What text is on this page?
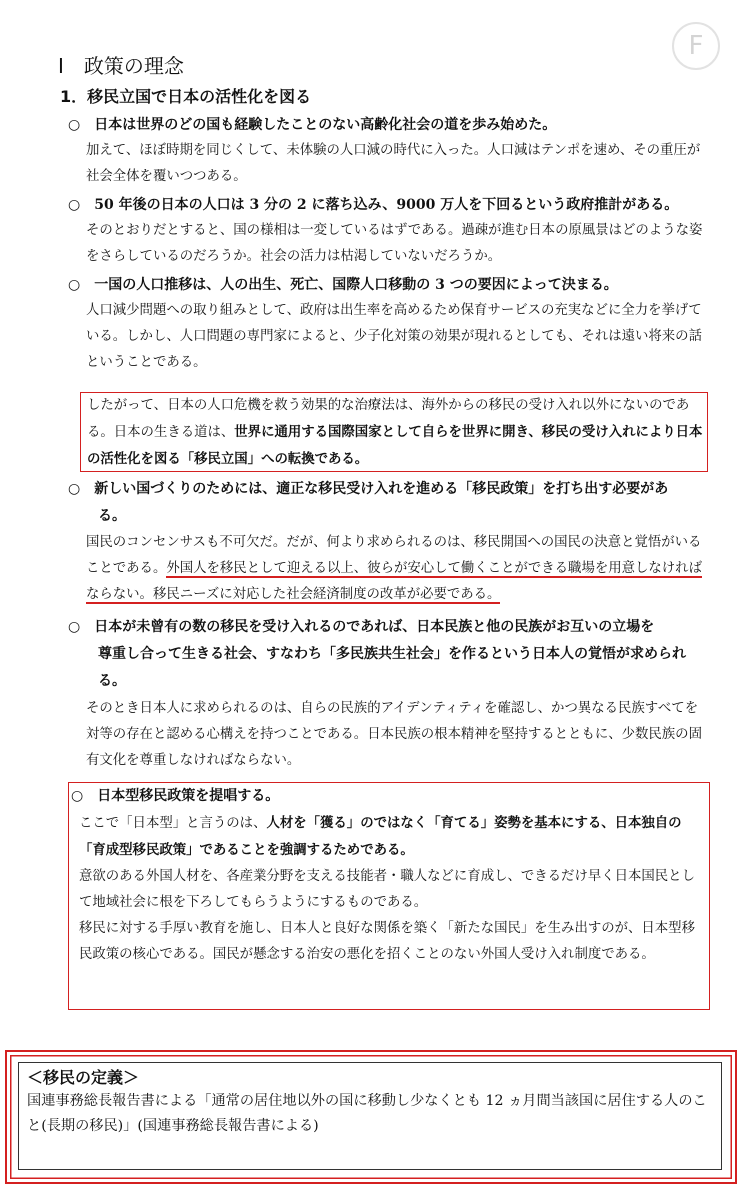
F
Ⅰ　政策の理念
1．移民立国で日本の活性化を図る
○　日本は世界のどの国も経験したことのない高齢化社会の道を歩み始めた。
加えて、ほぼ時期を同じくして、未体験の人口減の時代に入った。人口減はテンポを速め、その重圧が社会全体を覆いつつある。
○　50 年後の日本の人口は 3 分の 2 に落ち込み、9000 万人を下回るという政府推計がある。
そのとおりだとすると、国の様相は一変しているはずである。過疎が進む日本の原風景はどのような姿をさらしているのだろうか。社会の活力は枯渇していないだろうか。
○　一国の人口推移は、人の出生、死亡、国際人口移動の 3 つの要因によって決まる。
人口減少問題への取り組みとして、政府は出生率を高めるため保育サービスの充実などに全力を挙げている。しかし、人口問題の専門家によると、少子化対策の効果が現れるとしても、それは遠い将来の話ということである。
したがって、日本の人口危機を救う効果的な治療法は、海外からの移民の受け入れ以外にないのである。日本の生きる道は、世界に通用する国際国家として自らを世界に開き、移民の受け入れにより日本の活性化を図る「移民立国」への転換である。
○　新しい国づくりのためには、適正な移民受け入れを進める「移民政策」を打ち出す必要があ
る。
国民のコンセンサスも不可欠だ。だが、何より求められるのは、移民開国への国民の決意と覚悟がいることである。外国人を移民として迎える以上、彼らが安心して働くことができる職場を用意しなければならない。移民ニーズに対応した社会経済制度の改革が必要である。
○　日本が未曾有の数の移民を受け入れるのであれば、日本民族と他の民族がお互いの立場を
尊重し合って生きる社会、すなわち「多民族共生社会」を作るという日本人の覚悟が求められ
る。
そのとき日本人に求められるのは、自らの民族的アイデンティティを確認し、かつ異なる民族すべてを対等の存在と認める心構えを持つことである。日本民族の根本精神を堅持するとともに、少数民族の固有文化を尊重しなければならない。
○　日本型移民政策を提唱する。
ここで「日本型」と言うのは、人材を「獲る」のではなく「育てる」姿勢を基本にする、日本独自の「育成型移民政策」であることを強調するためである。
意欲のある外国人材を、各産業分野を支える技能者・職人などに育成し、できるだけ早く日本国民として地域社会に根を下ろしてもらうようにするものである。
移民に対する手厚い教育を施し、日本人と良好な関係を築く「新たな国民」を生み出すのが、日本型移民政策の核心である。国民が懸念する治安の悪化を招くことのない外国人受け入れ制度である。
＜移民の定義＞
国連事務総長報告書による「通常の居住地以外の国に移動し少なくとも 12 ヵ月間当該国に居住する人のこと(長期の移民)」(国連事務総長報告書による)
